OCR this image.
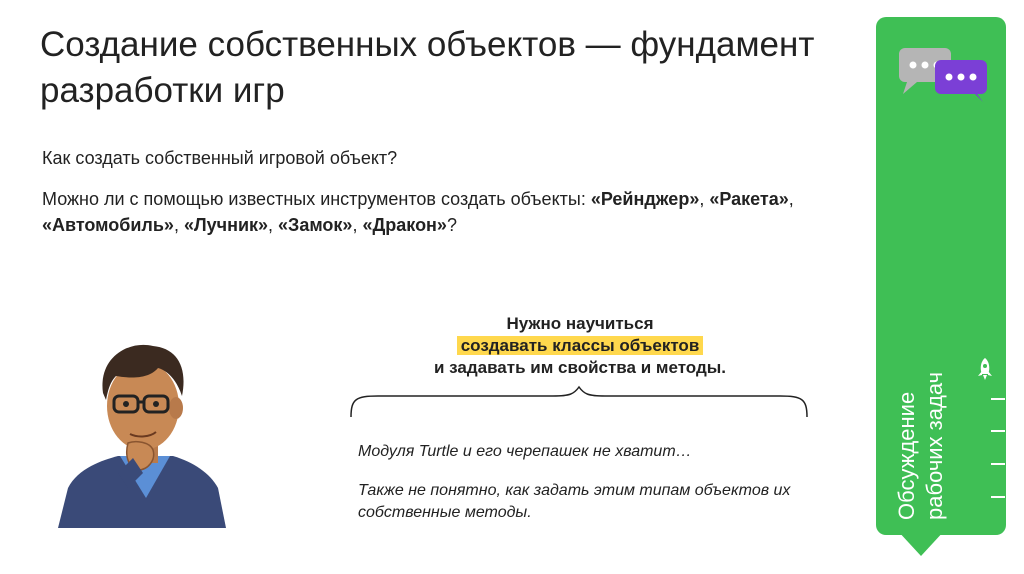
Создание собственных объектов — фундамент разработки игр
Как создать собственный игровой объект?
Можно ли с помощью известных инструментов создать объекты: «Рейнджер», «Ракета», «Автомобиль», «Лучник», «Замок», «Дракон»?
Нужно научиться
создавать классы объектов
и задавать им свойства и методы.
Модуля Turtle и его черепашек не хватит…
Также не понятно, как задать этим типам объектов их собственные методы.	Обсуждение рабочих задач
